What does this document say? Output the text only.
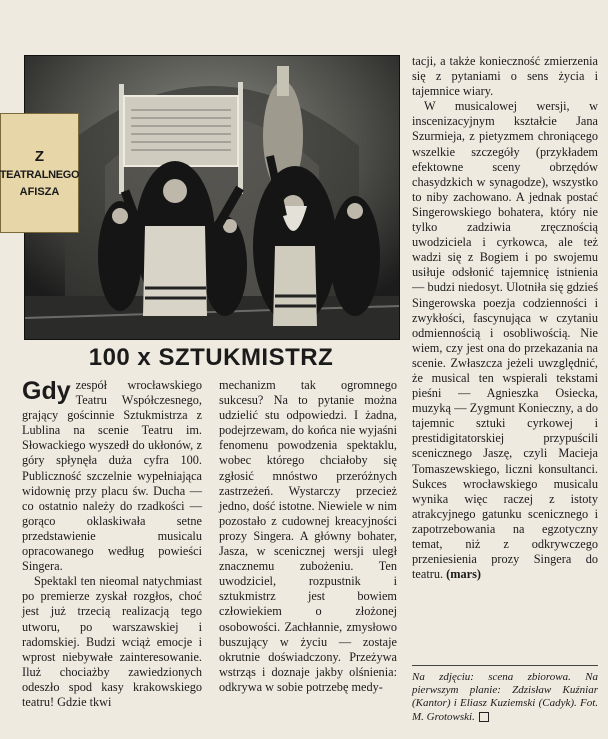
Z
TEATRALNEGO
AFISZA
100 x SZTUKMISTRZ

Gdy zespół wrocławskiego Teatru Współczesnego, grający gościnnie Sztukmistrza z Lublina na scenie Teatru im. Słowackiego wyszedł do ukłonów, z góry spłynęła duża cyfra 100. Publiczność szczelnie wypełniająca widownię przy placu św. Ducha — co ostatnio należy do rzadkości — gorąco oklaskiwała setne przedstawienie musicalu opracowanego według powieści Singera.

Spektakl ten nieomal natychmiast po premierze zyskał rozgłos, choć jest już trzecią realizacją tego utworu, po warszawskiej i radomskiej. Budzi wciąż emocje i wprost niebywałe zainteresowanie. Iluż chociażby zawiedzionych odeszło spod kasy krakowskiego teatru! Gdzie tkwi

mechanizm tak ogromnego sukcesu? Na to pytanie można udzielić stu odpowiedzi. I żadna, podejrzewam, do końca nie wyjaśni fenomenu powodzenia spektaklu, wobec którego chciałoby się zgłosić mnóstwo przeróżnych zastrzeżeń. Wystarczy przecież jedno, dość istotne. Niewiele w nim pozostało z cudownej kreacyjności prozy Singera. A główny bohater, Jasza, w scenicznej wersji uległ znacznemu zubożeniu. Ten uwodziciel, rozpustnik i sztukmistrz jest bowiem człowiekiem o złożonej osobowości. Zachłannie, zmysłowo buszujący w życiu — zostaje okrutnie doświadczony. Przeżywa wstrząs i doznaje jakby olśnienia: odkrywa w sobie potrzebę medy-

tacji, a także konieczność zmierzenia się z pytaniami o sens życia i tajemnice wiary.

W musicalowej wersji, w inscenizacyjnym kształcie Jana Szurmieja, z pietyzmem chroniącego wszelkie szczegóły (przykładem efektowne sceny obrzędów chasydzkich w synagodze), wszystko to niby zachowano. A jednak postać Singerowskiego bohatera, który nie tylko zadziwia zręcznością uwodziciela i cyrkowca, ale też wadzi się z Bogiem i po swojemu usiłuje odsłonić tajemnicę istnienia — budzi niedosyt. Ulotniła się gdzieś Singerowska poezja codzienności i zwykłości, fascynująca w czytaniu odmiennością i osobliwością. Nie wiem, czy jest ona do przekazania na scenie. Zwłaszcza jeżeli uwzględnić, że musical ten wspierali tekstami pieśni — Agnieszka Osiecka, muzyką — Zygmunt Konieczny, a do tajemnic sztuki cyrkowej i prestidigitatorskiej przypuścili scenicznego Jaszę, czyli Macieja Tomaszewskiego, liczni konsultanci. Sukces wrocławskiego musicalu wynika więc raczej z istoty atrakcyjnego gatunku scenicznego i zapotrzebowania na egzotyczny temat, niż z odkrywczego przeniesienia prozy Singera do teatru. (mars)

Na zdjęciu: scena zbiorowa. Na pierwszym planie: Zdzisław Kuźniar (Kantor) i Eliasz Kuziemski (Cadyk). Fot. M. Grotowski.
